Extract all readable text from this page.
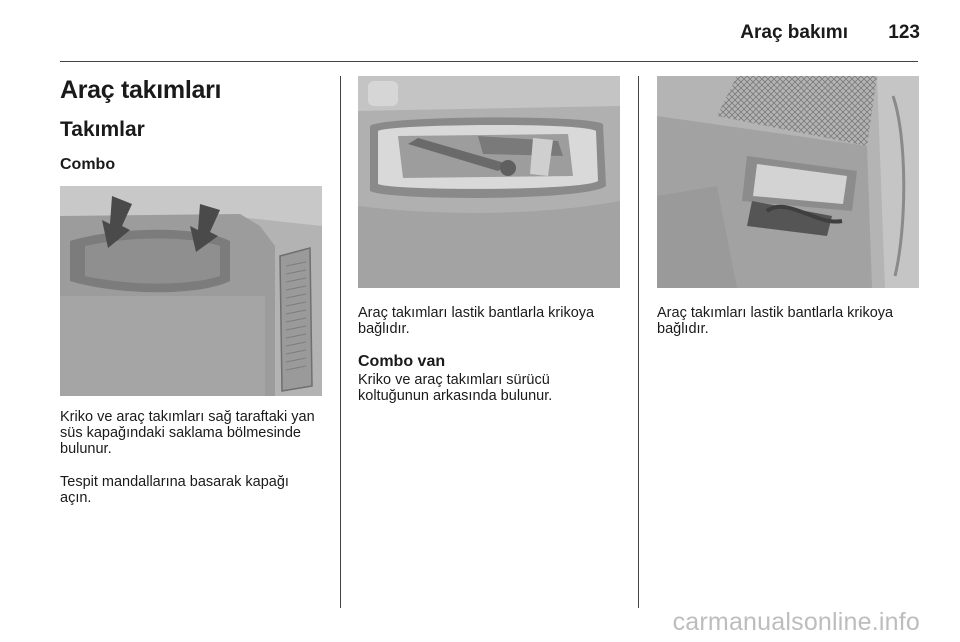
Araç bakımı 123
Araç takımları
Takımlar
Combo
Kriko ve araç takımları sağ taraftaki yan süs kapağındaki saklama bölmesinde bulunur.
Tespit mandallarına basarak kapağı açın.
Araç takımları lastik bantlarla krikoya bağlıdır.
Combo van
Kriko ve araç takımları sürücü koltuğunun arkasında bulunur.
Araç takımları lastik bantlarla krikoya bağlıdır.
carmanualsonline.info
